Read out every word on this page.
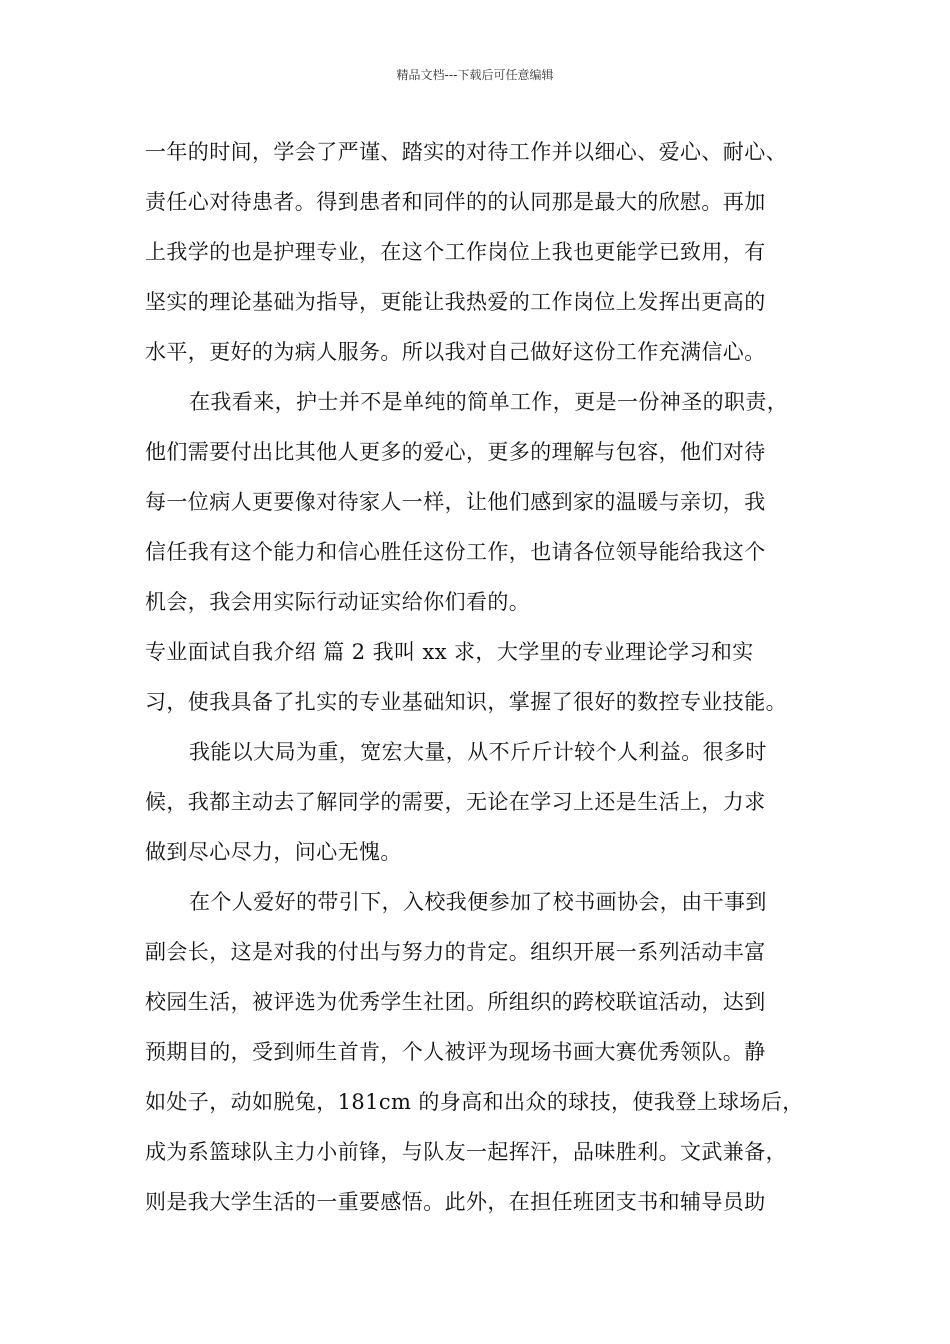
精品文档---下载后可任意编辑
一年的时间，学会了严谨、踏实的对待工作并以细心、爱心、耐心、
责任心对待患者。得到患者和同伴的的认同那是最大的欣慰。再加
上我学的也是护理专业，在这个工作岗位上我也更能学已致用，有
坚实的理论基础为指导，更能让我热爱的工作岗位上发挥出更高的
水平，更好的为病人服务。所以我对自己做好这份工作充满信心。
在我看来，护士并不是单纯的简单工作，更是一份神圣的职责，
他们需要付出比其他人更多的爱心，更多的理解与包容，他们对待
每一位病人更要像对待家人一样，让他们感到家的温暖与亲切，我
信任我有这个能力和信心胜任这份工作，也请各位领导能给我这个
机会，我会用实际行动证实给你们看的。
专业面试自我介绍 篇 2 我叫 xx 求，大学里的专业理论学习和实
习，使我具备了扎实的专业基础知识，掌握了很好的数控专业技能。
我能以大局为重，宽宏大量，从不斤斤计较个人利益。很多时
候，我都主动去了解同学的需要，无论在学习上还是生活上，力求
做到尽心尽力，问心无愧。
在个人爱好的带引下，入校我便参加了校书画协会，由干事到
副会长，这是对我的付出与努力的肯定。组织开展一系列活动丰富
校园生活，被评选为优秀学生社团。所组织的跨校联谊活动，达到
预期目的，受到师生首肯，个人被评为现场书画大赛优秀领队。静
如处子，动如脱兔，181cm 的身高和出众的球技，使我登上球场后，
成为系篮球队主力小前锋，与队友一起挥汗，品味胜利。文武兼备，
则是我大学生活的一重要感悟。此外，在担任班团支书和辅导员助
